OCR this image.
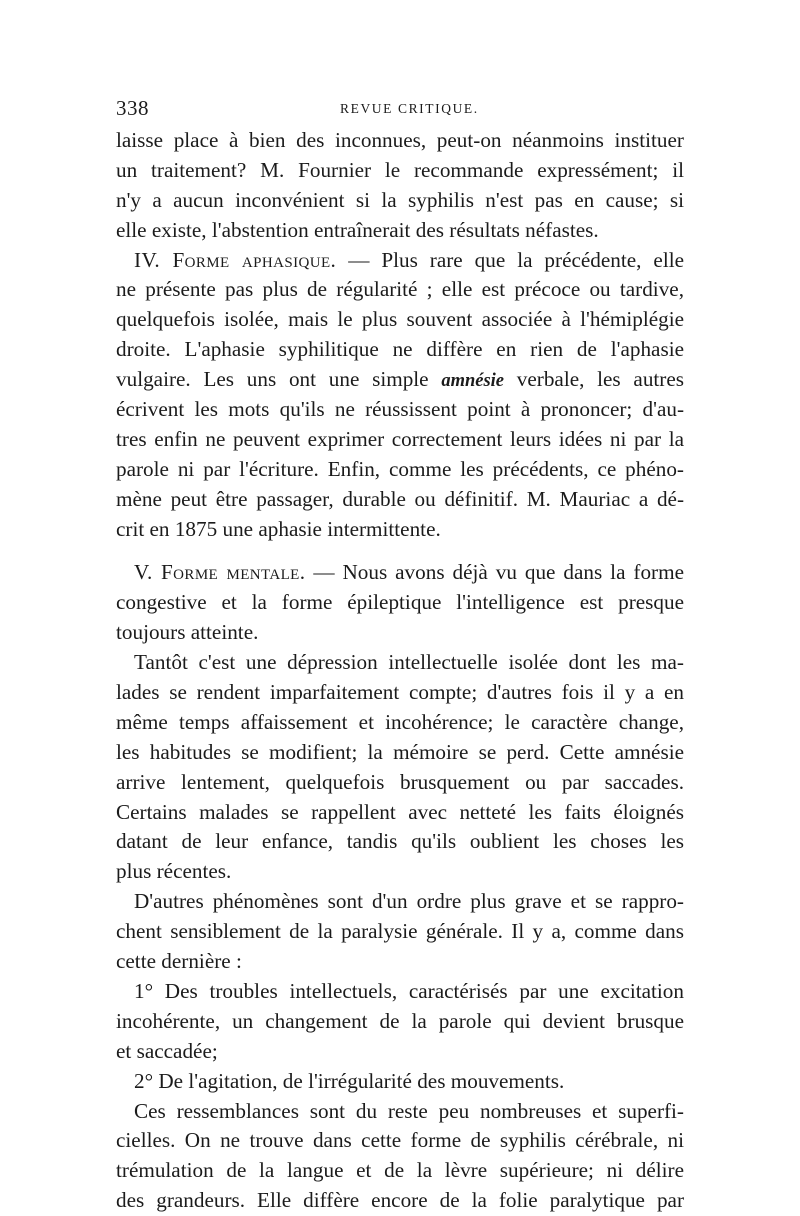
338	REVUE CRITIQUE.
laisse place à bien des inconnues, peut-on néanmoins instituer
un traitement? M. Fournier le recommande expressément; il
n'y a aucun inconvénient si la syphilis n'est pas en cause; si
elle existe, l'abstention entraînerait des résultats néfastes.
IV. Forme aphasique. — Plus rare que la précédente, elle
ne présente pas plus de régularité ; elle est précoce ou tardive,
quelquefois isolée, mais le plus souvent associée à l'hémiplégie
droite. L'aphasie syphilitique ne diffère en rien de l'aphasie
vulgaire. Les uns ont une simple amnésie verbale, les autres
écrivent les mots qu'ils ne réussissent point à prononcer; d'au-
tres enfin ne peuvent exprimer correctement leurs idées ni par la
parole ni par l'écriture. Enfin, comme les précédents, ce phéno-
mène peut être passager, durable ou définitif. M. Mauriac a dé-
crit en 1875 une aphasie intermittente.
V. Forme mentale. — Nous avons déjà vu que dans la forme
congestive et la forme épileptique l'intelligence est presque
toujours atteinte.
Tantôt c'est une dépression intellectuelle isolée dont les ma-
lades se rendent imparfaitement compte; d'autres fois il y a en
même temps affaissement et incohérence; le caractère change,
les habitudes se modifient; la mémoire se perd. Cette amnésie
arrive lentement, quelquefois brusquement ou par saccades.
Certains malades se rappellent avec netteté les faits éloignés
datant de leur enfance, tandis qu'ils oublient les choses les
plus récentes.
D'autres phénomènes sont d'un ordre plus grave et se rappro-
chent sensiblement de la paralysie générale. Il y a, comme dans
cette dernière :
1° Des troubles intellectuels, caractérisés par une excitation
incohérente, un changement de la parole qui devient brusque
et saccadée;
2° De l'agitation, de l'irrégularité des mouvements.
Ces ressemblances sont du reste peu nombreuses et superfi-
cielles. On ne trouve dans cette forme de syphilis cérébrale, ni
trémulation de la langue et de la lèvre supérieure; ni délire
des grandeurs. Elle diffère encore de la folie paralytique par
